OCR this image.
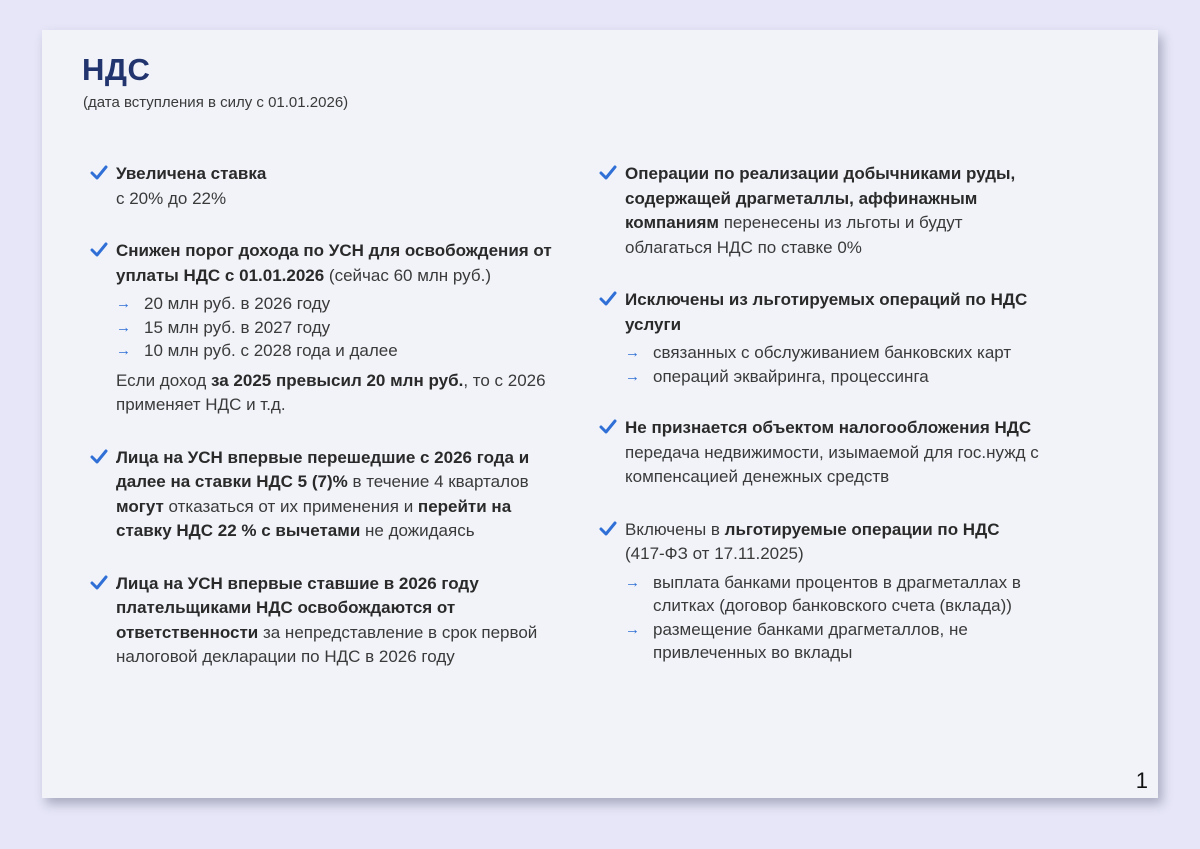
НДС
(дата вступления в силу с 01.01.2026)
Увеличена ставка
с 20% до 22%
Снижен порог дохода по УСН для освобождения от уплаты НДС с 01.01.2026 (сейчас 60 млн руб.)
→ 20 млн руб. в 2026 году
→ 15 млн руб. в 2027 году
→ 10 млн руб. с 2028 года и далее
Если доход за 2025 превысил 20 млн руб., то с 2026 применяет НДС и т.д.
Лица на УСН впервые перешедшие с 2026 года и далее на ставки НДС 5 (7)% в течение 4 кварталов могут отказаться от их применения и перейти на ставку НДС 22 % с вычетами не дожидаясь
Лица на УСН впервые ставшие в 2026 году плательщиками НДС освобождаются от ответственности за непредставление в срок первой налоговой декларации по НДС в 2026 году
Операции по реализации добычниками руды, содержащей драгметаллы, аффинажным компаниям перенесены из льготы и будут облагаться НДС по ставке 0%
Исключены из льготируемых операций по НДС услуги
→ связанных с обслуживанием банковских карт
→ операций эквайринга, процессинга
Не признается объектом налогообложения НДС
передача недвижимости, изымаемой для гос.нужд с компенсацией денежных средств
Включены в льготируемые операции по НДС
(417-ФЗ от 17.11.2025)
→ выплата банками процентов в драгметаллах в слитках (договор банковского счета (вклада))
→ размещение банками драгметаллов, не привлеченных во вклады
1
